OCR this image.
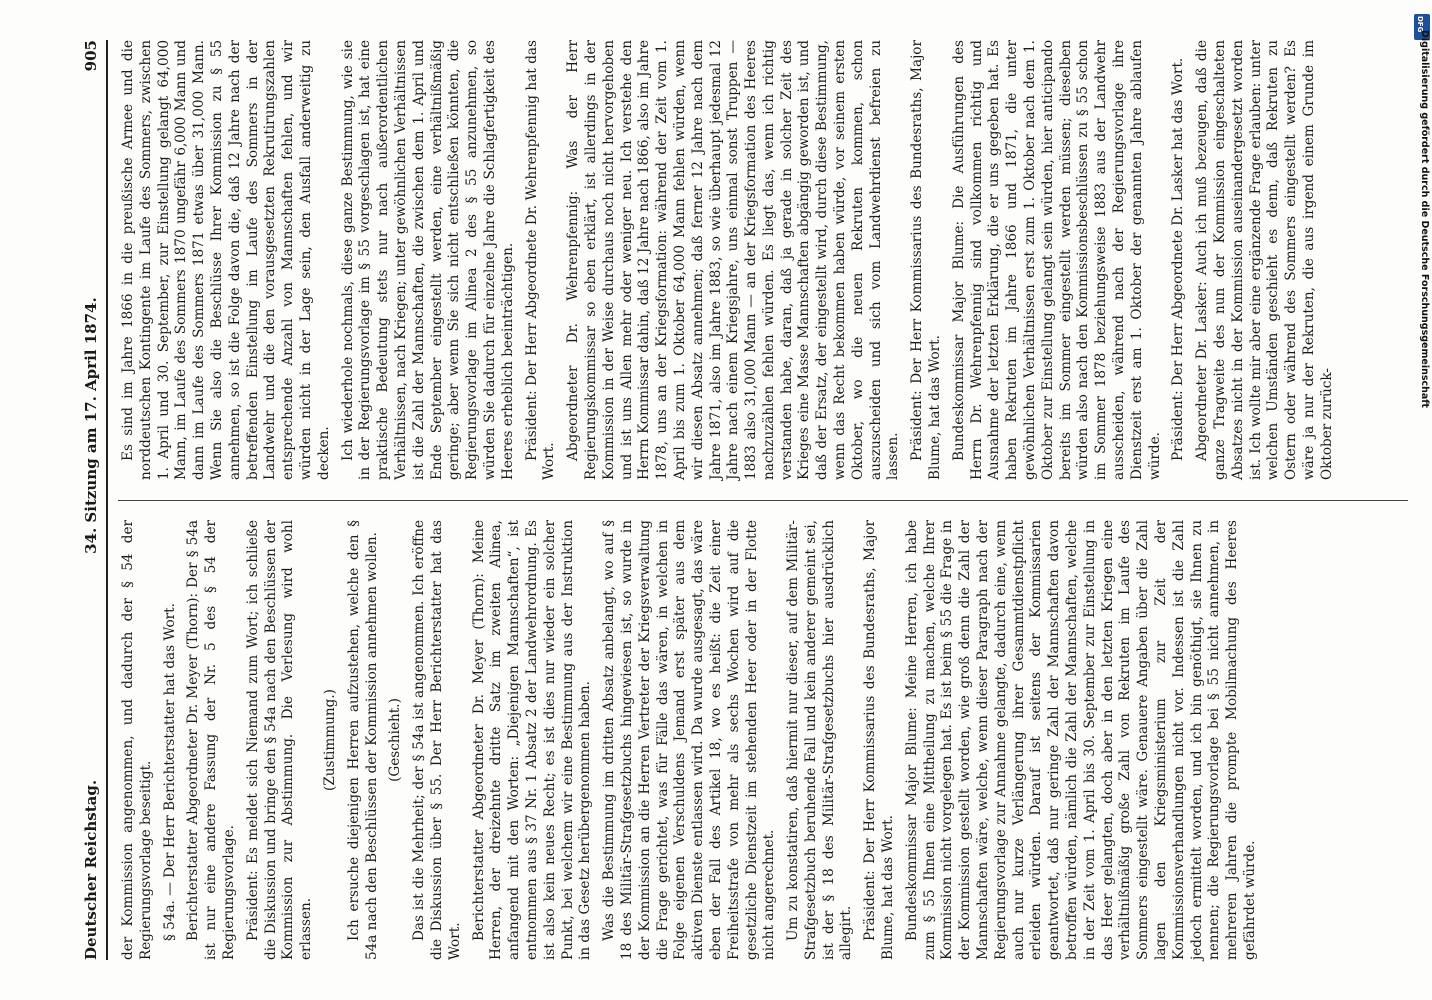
Deutscher Reichstag.
34. Sitzung am 17. April 1874.
905

der Kommission angenommen, und dadurch der § 54 der Regierungsvorlage beseitigt. § 54a. — Der Herr Berichterstatter hat das Wort. Berichterstatter Abgeordneter Dr. Meyer (Thorn): Der § 54a ist nur eine andere Fassung der Nr. 5 des § 54 der Regierungsvorlage. Präsident: Es meldet sich Niemand zum Wort; ich schließe die Diskussion und bringe den § 54a nach den Beschlüssen der Kommission zur Abstimmung. Die Verlesung wird wohl erlassen.

(Zustimmung.) Ich ersuche diejenigen Herren aufzustehen, welche den § 54a nach den Beschlüssen der Kommission annehmen wollen. (Geschieht.) Das ist die Mehrheit; der § 54a ist angenommen. Ich eröffne die Diskussion über § 55. Der Herr Berichterstatter hat das Wort.

Berichterstatter Abgeordneter Dr. Meyer (Thorn): Meine Herren, der dreizehnte dritte Satz im zweiten Alinea, anfangend mit den Worten: „Diejenigen Mannschaften“, ist entnommen aus § 37 Nr. 1 Absatz 2 der Landwehrordnung. Es ist also kein neues Recht; es ist dies nur wieder ein solcher Punkt, bei welchem wir eine Bestimmung aus der Instruktion in das Gesetz herübergenommen haben. Was die Bestimmung im dritten Absatz anbelangt, wo auf § 18 des Militär-Strafgesetzbuchs hingewiesen ist, so wurde in der Kommission an die Herren Vertreter der Kriegsverwaltung die Frage gerichtet, was für Fälle das wären, in welchen in Folge eigenen Verschuldens Jemand erst später aus dem aktiven Dienste entlassen wird. Da wurde ausgesagt, das wäre eben der Fall des Artikel 18, wo es heißt: die Zeit einer Freiheitsstrafe von mehr als sechs Wochen wird auf die gesetzliche Dienstzeit im stehenden Heer oder in der Flotte nicht angerechnet. Um zu konstatiren, daß hiermit nur dieser, auf dem Militär-Strafgesetzbuch beruhende Fall und kein anderer gemeint sei, ist der § 18 des Militär-Strafgesetzbuchs hier ausdrücklich allegirt. Präsident: Der Herr Kommissarius des Bundesraths, Major Blume, hat das Wort. Bundeskommissar Major Blume: Meine Herren, ich habe zum § 55 Ihnen eine Mittheilung zu machen, welche Ihrer Kommission nicht vorgelegen hat. Es ist beim § 55 die Frage in der Kommission gestellt worden, wie groß denn die Zahl der Mannschaften wäre, welche, wenn dieser Paragraph nach der Regierungsvorlage zur Annahme gelangte, dadurch eine, wenn auch nur kurze Verlängerung ihrer Gesammtdienstpflicht erleiden würden. Darauf ist seitens der Kommissarien geantwortet, daß nur geringe Zahl der Mannschaften davon betroffen würden, nämlich die Zahl der Mannschaften, welche in der Zeit vom 1. April bis 30. September zur Einstellung in das Heer gelangten, doch aber in den letzten Kriegen eine verhältnißmäßig große Zahl von Rekruten im Laufe des Sommers eingestellt wäre. Genauere Angaben über die Zahl lagen den Kriegsministerium zur Zeit der Kommissionsverhandlungen nicht vor. Indessen ist die Zahl jedoch ermittelt worden, und ich bin genöthigt, sie Ihnen zu nennen; die Regierungsvorlage bei § 55 nicht annehmen, in mehreren Jahren die prompte Mobilmachung des Heeres gefährdet würde.

Es sind im Jahre 1866 in die preußische Armee und die norddeutschen Kontingente im Laufe des Sommers, zwischen 1. April und 30. September, zur Einstellung gelangt 64,000 Mann, im Laufe des Sommers 1870 ungefähr 6,000 Mann und dann im Laufe des Sommers 1871 etwas über 31,000 Mann. Wenn Sie also die Beschlüsse Ihrer Kommission zu § 55 annehmen, so ist die Folge davon die, daß 12 Jahre nach der betreffenden Einstellung im Laufe des Sommers in der Landwehr und die den vorausgesetzten Rekrutirungszahlen entsprechende Anzahl von Mannschaften fehlen, und wir würden nicht in der Lage sein, den Ausfall anderweitig zu decken. Ich wiederhole nochmals, diese ganze Bestimmung, wie sie in der Regierungsvorlage im § 55 vorgeschlagen ist, hat eine praktische Bedeutung stets nur nach außerordentlichen Verhältnissen, nach Kriegen; unter gewöhnlichen Verhältnissen ist die Zahl der Mannschaften, die zwischen dem 1. April und Ende September eingestellt werden, eine verhältnißmäßig geringe; aber wenn Sie sich nicht entschließen könnten, die Regierungsvorlage im Alinea 2 des § 55 anzunehmen, so würden Sie dadurch für einzelne Jahre die Schlagfertigkeit des Heeres erheblich beeinträchtigen. Präsident: Der Herr Abgeordnete Dr. Wehrenpfennig hat das Wort.

Abgeordneter Dr. Wehrenpfennig: Was der Herr Regierungskommissar so eben erklärt, ist allerdings in der Kommission in der Weise durchaus noch nicht hervorgehoben und ist uns Allen mehr oder weniger neu. Ich verstehe den Herrn Kommissar dahin, daß 12 Jahre nach 1866, also im Jahre 1878, uns an der Kriegsformation: während der Zeit vom 1. April bis zum 1. Oktober 64,000 Mann fehlen würden, wenn wir diesen Absatz annehmen; daß ferner 12 Jahre nach dem Jahre 1871, also im Jahre 1883, so wie überhaupt jedesmal 12 Jahre nach einem Kriegsjahre, uns einmal sonst Truppen — 1883 also 31,000 Mann — an der Kriegsformation des Heeres nachzuzählen fehlen würden. Es liegt das, wenn ich richtig verstanden habe, daran, daß ja gerade in solcher Zeit des Krieges eine Masse Mannschaften abgängig geworden ist, und daß der Ersatz, der eingestellt wird, durch diese Bestimmung, wenn das Recht bekommen haben würde, vor seinem ersten Oktober, wo die neuen Rekruten kommen, schon auszuscheiden und sich vom Landwehrdienst befreien zu lassen. Präsident: Der Herr Kommissarius des Bundesraths, Major Blume, hat das Wort. Bundeskommissar Major Blume: Die Ausführungen des Herrn Dr. Wehrenpfennig sind vollkommen richtig und Ausnahme der letzten Erklärung, die er uns gegeben hat. Es haben Rekruten im Jahre 1866 und 1871, die unter gewöhnlichen Verhältnissen erst zum 1. Oktober nach dem 1. Oktober zur Einstellung gelangt sein würden, hier anticipando bereits im Sommer eingestellt werden müssen; dieselben würden also nach den Kommissionsbeschlüssen zu § 55 schon im Sommer 1878 beziehungsweise 1883 aus der Landwehr ausscheiden, während nach der Regierungsvorlage ihre Dienstzeit erst am 1. Oktober der genannten Jahre ablaufen würde. Präsident: Der Herr Abgeordnete Dr. Lasker hat das Wort. Abgeordneter Dr. Lasker: Auch ich muß bezeugen, daß die ganze Tragweite des nun der Kommission eingeschalteten Absatzes nicht in der Kommission auseinandergesetzt worden ist. Ich wollte mir aber eine ergänzende Frage erlauben: unter welchen Umständen geschieht es denn, daß Rekruten zu Ostern oder während des Sommers eingestellt werden? Es wäre ja nur der Rekruten, die aus irgend einem Grunde im Oktober zurück-

DFG
Digitalisierung gefördert durch die Deutsche Forschungsgemeinschaft
